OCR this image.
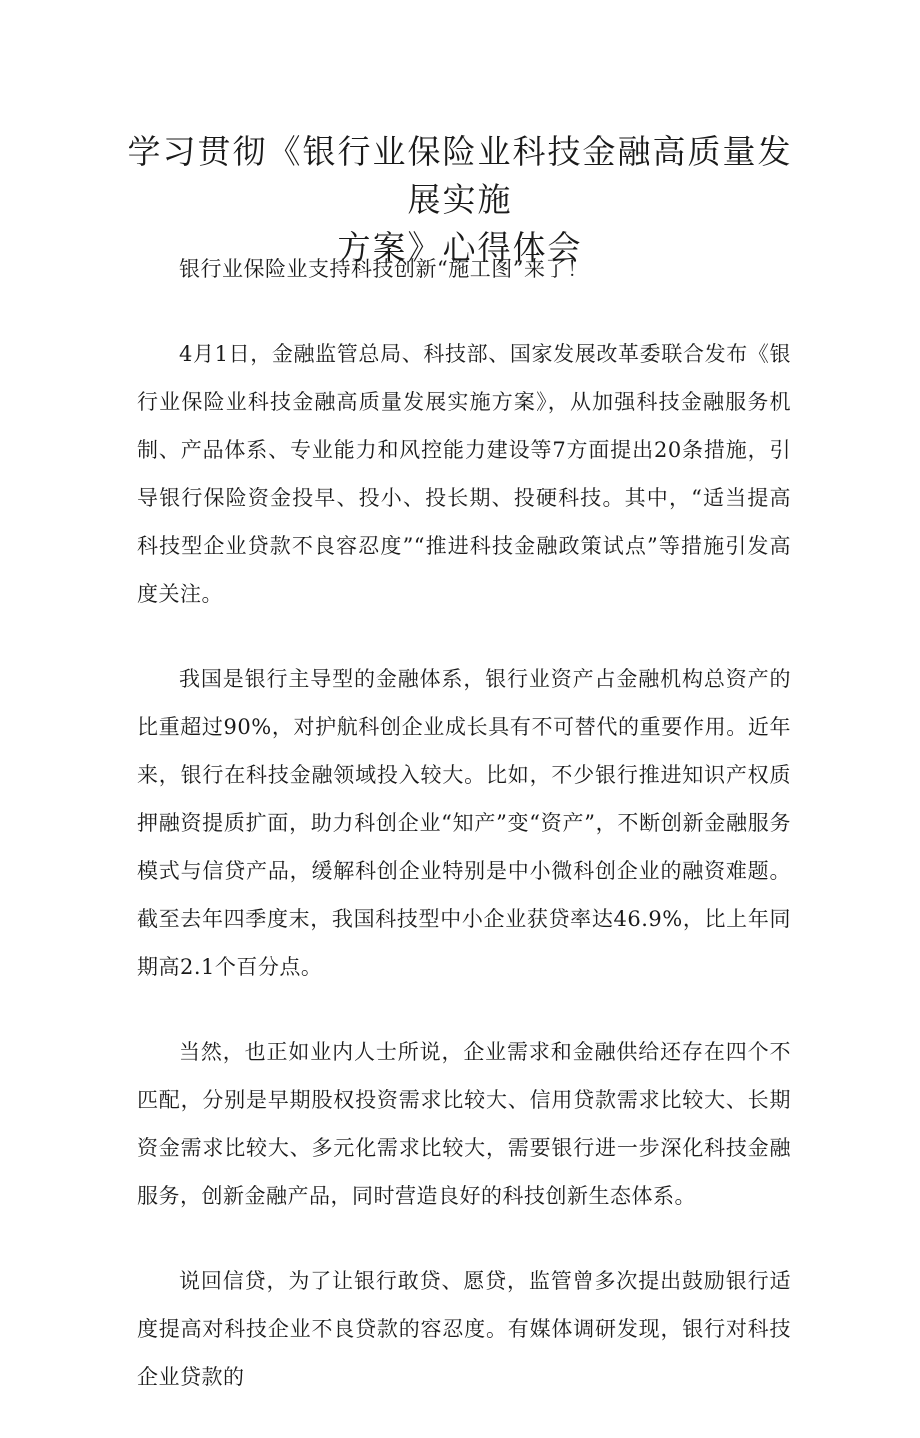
学习贯彻《银行业保险业科技金融高质量发展实施
方案》心得体会

银行业保险业支持科技创新“施工图”来了！

4月1日，金融监管总局、科技部、国家发展改革委联合发布《银行业保险业科技金融高质量发展实施方案》，从加强科技金融服务机制、产品体系、专业能力和风控能力建设等7方面提出20条措施，引导银行保险资金投早、投小、投长期、投硬科技。其中，“适当提高科技型企业贷款不良容忍度”“推进科技金融政策试点”等措施引发高度关注。

我国是银行主导型的金融体系，银行业资产占金融机构总资产的比重超过90%，对护航科创企业成长具有不可替代的重要作用。近年来，银行在科技金融领域投入较大。比如，不少银行推进知识产权质押融资提质扩面，助力科创企业“知产”变“资产”，不断创新金融服务模式与信贷产品，缓解科创企业特别是中小微科创企业的融资难题。截至去年四季度末，我国科技型中小企业获贷率达46.9%，比上年同期高2.1个百分点。

当然，也正如业内人士所说，企业需求和金融供给还存在四个不匹配，分别是早期股权投资需求比较大、信用贷款需求比较大、长期资金需求比较大、多元化需求比较大，需要银行进一步深化科技金融服务，创新金融产品，同时营造良好的科技创新生态体系。

说回信贷，为了让银行敢贷、愿贷，监管曾多次提出鼓励银行适度提高对科技企业不良贷款的容忍度。有媒体调研发现，银行对科技企业贷款的
